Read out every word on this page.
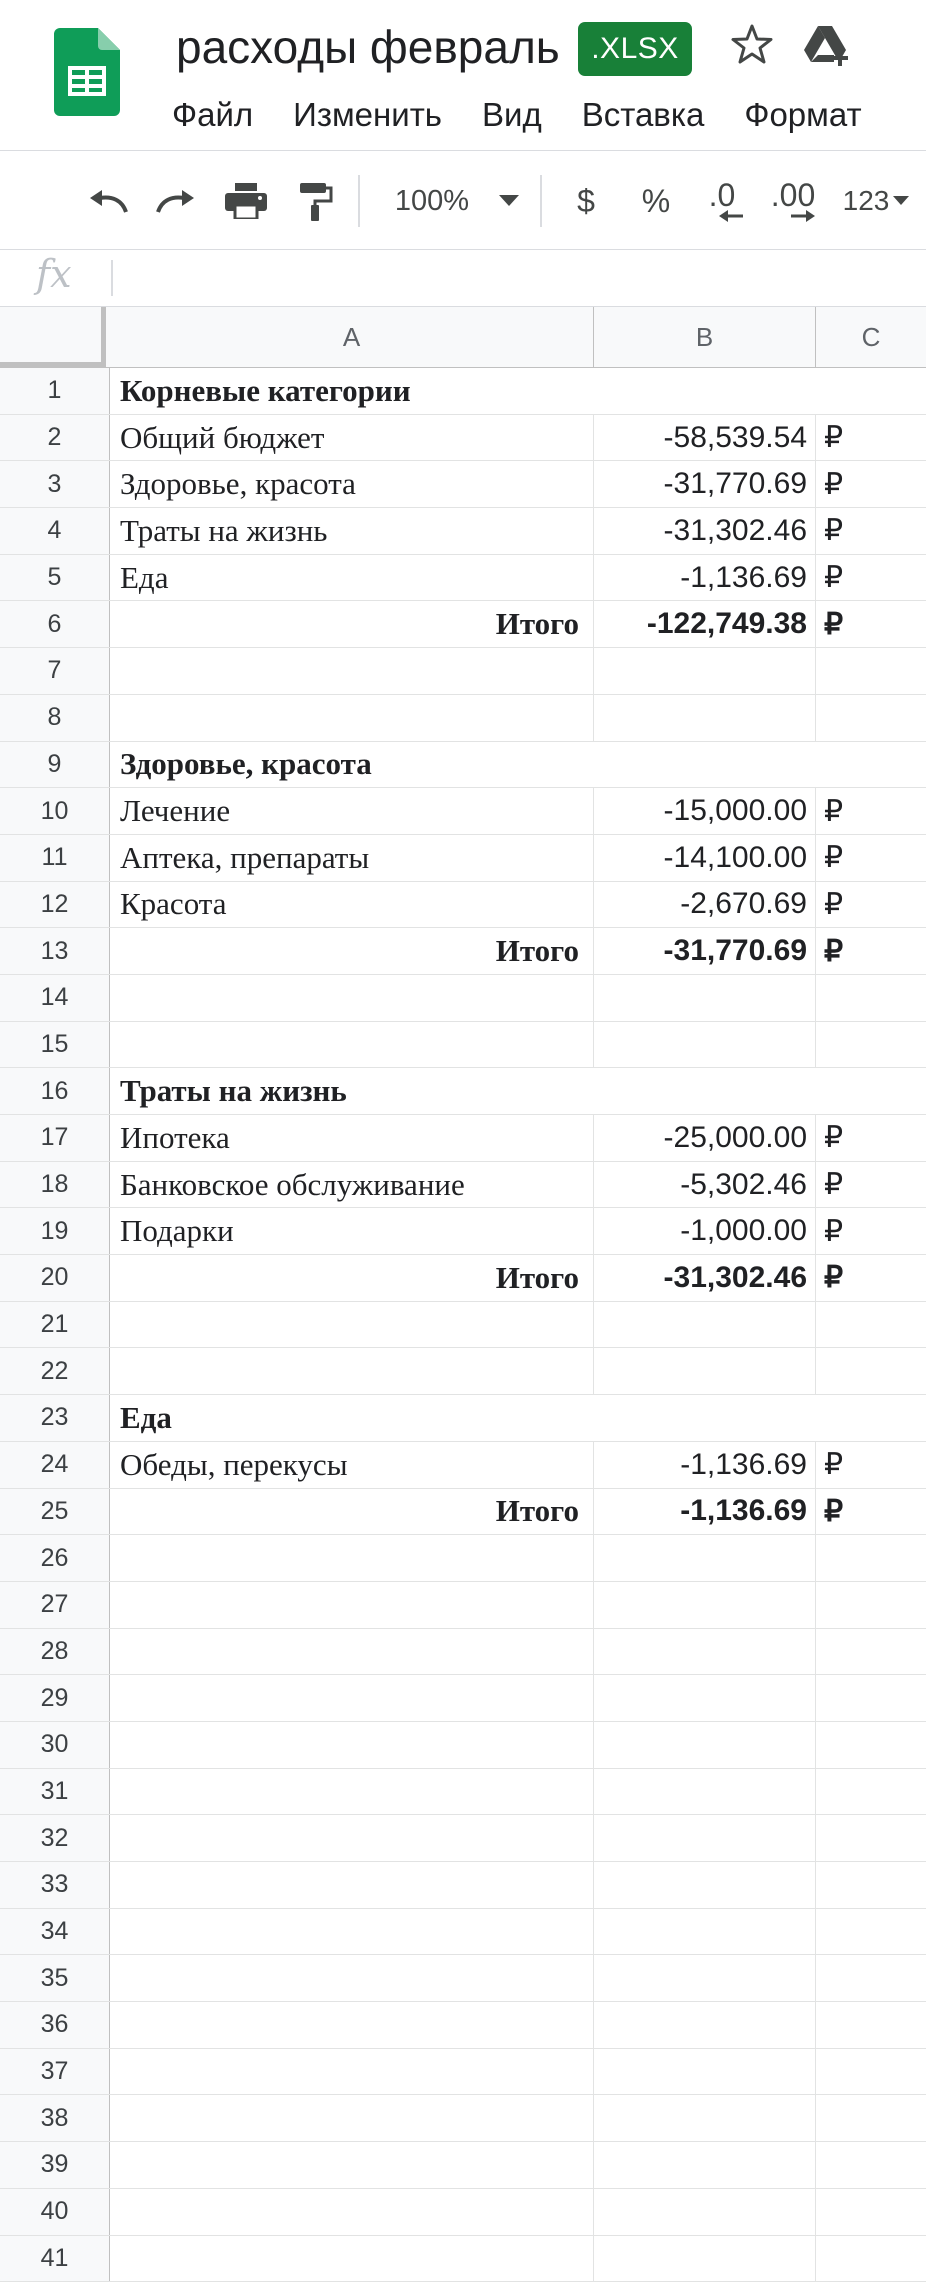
расходы февраль	.XLSX
Файл Изменить Вид Вставка Формат
100%	$ % .0 .00 123
fx
A	B	C
1	Корневые категории
2	Общий бюджет	-58,539.54 ₽
3	Здоровье, красота	-31,770.69 ₽
4	Траты на жизнь	-31,302.46 ₽
5	Еда	-1,136.69 ₽
6	Итого	-122,749.38 ₽
7
8
9	Здоровье, красота
10	Лечение	-15,000.00 ₽
11	Аптека, препараты	-14,100.00 ₽
12	Красота	-2,670.69 ₽
13	Итого	-31,770.69 ₽
14
15
16	Траты на жизнь
17	Ипотека	-25,000.00 ₽
18	Банковское обслуживание	-5,302.46 ₽
19	Подарки	-1,000.00 ₽
20	Итого	-31,302.46 ₽
21
22
23	Еда
24	Обеды, перекусы	-1,136.69 ₽
25	Итого	-1,136.69 ₽
26
27
28
29
30
31
32
33
34
35
36
37
38
39
40
41
